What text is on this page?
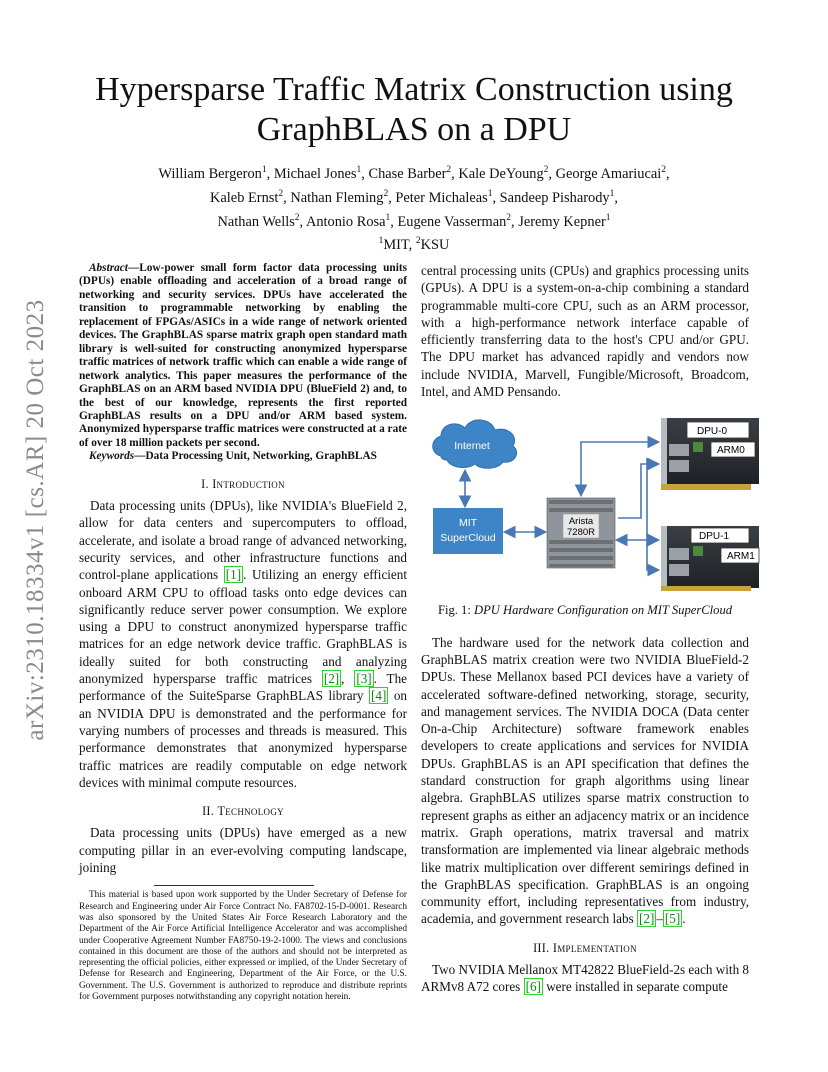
arXiv:2310.18334v1 [cs.AR] 20 Oct 2023
Hypersparse Traffic Matrix Construction using
GraphBLAS on a DPU
William Bergeron$^1$, Michael Jones$^1$, Chase Barber$^2$, Kale DeYoung$^2$, George Amariucai$^2$,
Kaleb Ernst$^2$, Nathan Fleming$^2$, Peter Michaleas$^1$, Sandeep Pisharody$^1$,
Nathan Wells$^2$, Antonio Rosa$^1$, Eugene Vasserman$^2$, Jeremy Kepner$^1$
$^1$MIT, $^2$KSU

Abstract—Low-power small form factor data processing units (DPUs) enable offloading and acceleration of a broad range of networking and security services. DPUs have accelerated the transition to programmable networking by enabling the replacement of FPGAs/ASICs in a wide range of network oriented devices. The GraphBLAS sparse matrix graph open standard math library is well-suited for constructing anonymized hypersparse traffic matrices of network traffic which can enable a wide range of network analytics. This paper measures the performance of the GraphBLAS on an ARM based NVIDIA DPU (BlueField 2) and, to the best of our knowledge, represents the first reported GraphBLAS results on a DPU and/or ARM based system. Anonymized hypersparse traffic matrices were constructed at a rate of over 18 million packets per second.

Keywords—Data Processing Unit, Networking, GraphBLAS

I. Introduction

Data processing units (DPUs), like NVIDIA's BlueField 2, allow for data centers and supercomputers to offload, accelerate, and isolate a broad range of advanced networking, security services, and other infrastructure functions and control-plane applications [1] . Utilizing an energy efficient onboard ARM CPU to offload tasks onto edge devices can significantly reduce server power consumption. We explore using a DPU to construct anonymized hypersparse traffic matrices for an edge network device traffic. GraphBLAS is ideally suited for both constructing and analyzing anonymized hypersparse traffic matrices [2] , [3] . The performance of the SuiteSparse GraphBLAS library [4] on an NVIDIA DPU is demonstrated and the performance for varying numbers of processes and threads is measured. This performance demonstrates that anonymized hypersparse traffic matrices are readily computable on edge network devices with minimal compute resources.

II. Technology

Data processing units (DPUs) have emerged as a new computing pillar in an ever-evolving computing landscape, joining

This material is based upon work supported by the Under Secretary of Defense for Research and Engineering under Air Force Contract No. FA8702-15-D-0001. Research was also sponsored by the United States Air Force Research Laboratory and the Department of the Air Force Artificial Intelligence Accelerator and was accomplished under Cooperative Agreement Number FA8750-19-2-1000. The views and conclusions contained in this document are those of the authors and should not be interpreted as representing the official policies, either expressed or implied, of the Under Secretary of Defense for Research and Engineering, Department of the Air Force, or the U.S. Government. The U.S. Government is authorized to reproduce and distribute reprints for Government purposes notwithstanding any copyright notation herein.

central processing units (CPUs) and graphics processing units (GPUs). A DPU is a system-on-a-chip combining a standard programmable multi-core CPU, such as an ARM processor, with a high-performance network interface capable of efficiently transferring data to the host's CPU and/or GPU. The DPU market has advanced rapidly and vendors now include NVIDIA, Marvell, Fungible/Microsoft, Broadcom, Intel, and AMD Pensando.

Internet
MIT
SuperCloud
Arista
7280R
DPU-0
ARM0
DPU-1
ARM1
Fig. 1: DPU Hardware Configuration on MIT SuperCloud

The hardware used for the network data collection and GraphBLAS matrix creation were two NVIDIA BlueField-2 DPUs. These Mellanox based PCI devices have a variety of accelerated software-defined networking, storage, security, and management services. The NVIDIA DOCA (Data center On-a-Chip Architecture) software framework enables developers to create applications and services for NVIDIA DPUs. GraphBLAS is an API specification that defines the standard construction for graph algorithms using linear algebra. GraphBLAS utilizes sparse matrix construction to represent graphs as either an adjacency matrix or an incidence matrix. Graph operations, matrix traversal and matrix transformation are implemented via linear algebraic methods like matrix multiplication over different semirings defined in the GraphBLAS specification. GraphBLAS is an ongoing community effort, including representatives from industry, academia, and government research labs [2] – [5] .

III. Implementation

Two NVIDIA Mellanox MT42822 BlueField-2s each with 8 ARMv8 A72 cores [6] were installed in separate compute
